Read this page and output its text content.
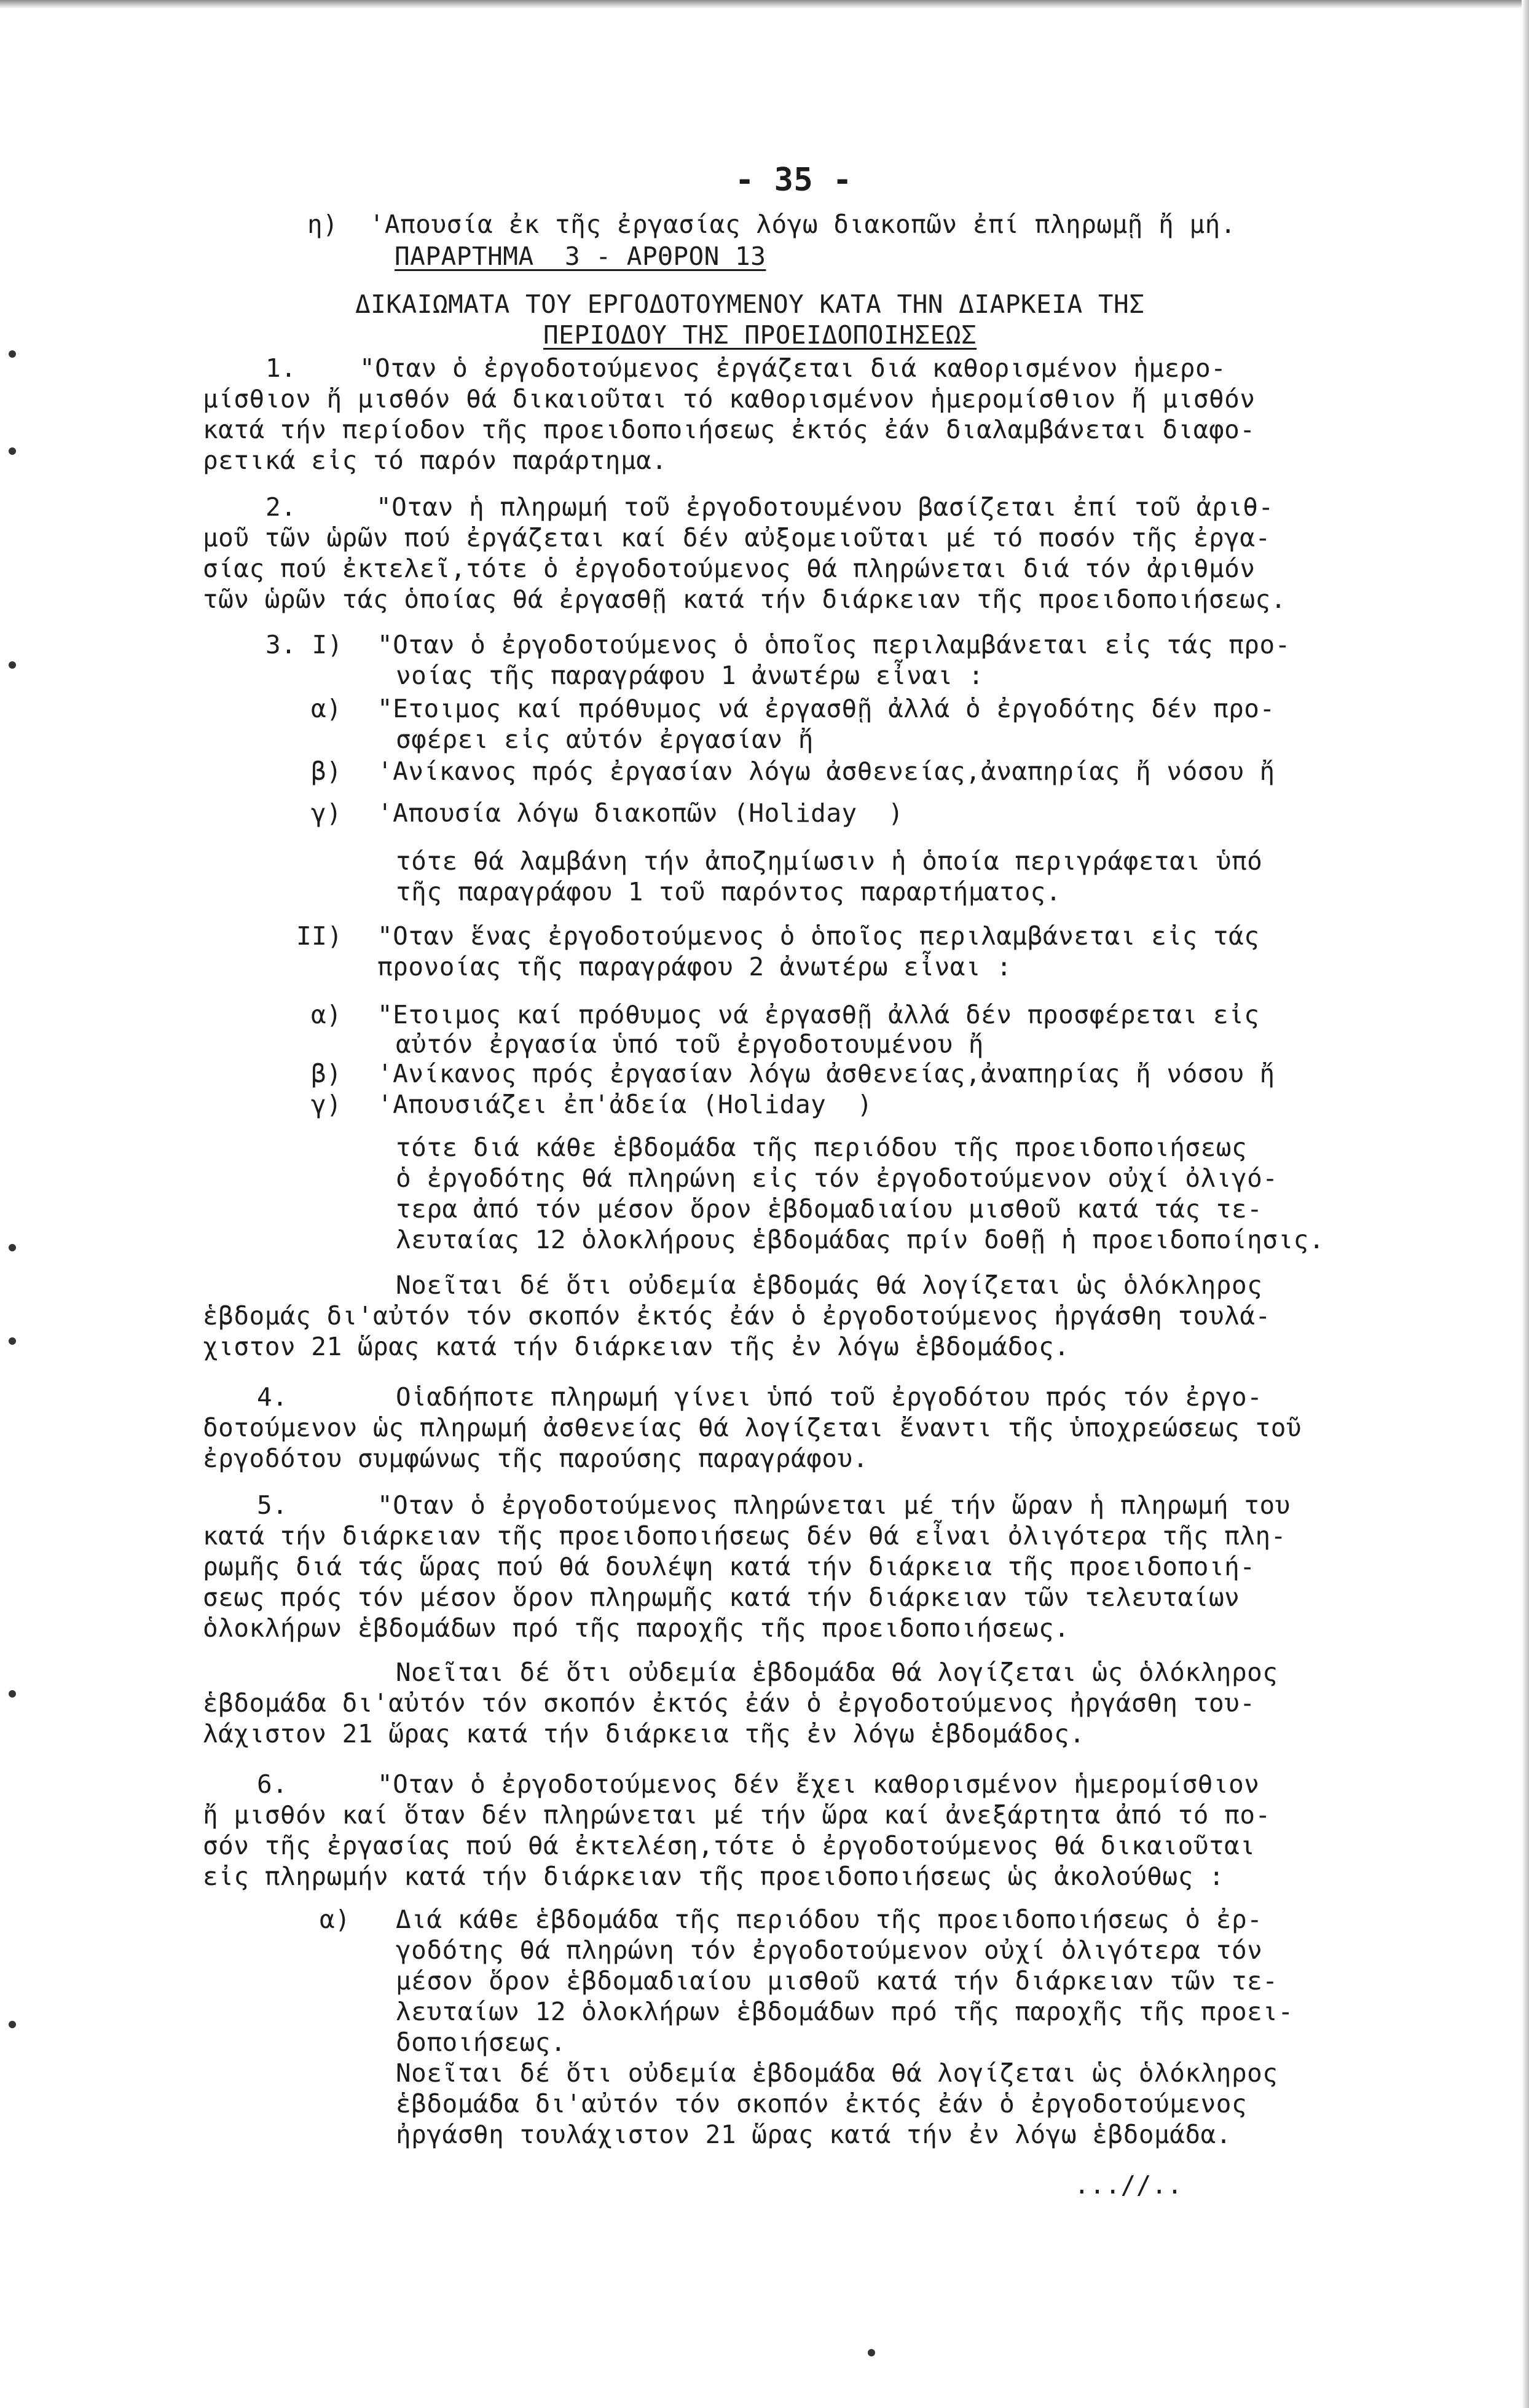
- 35 -
η)  'Απουσία ἐκ τῆς ἐργασίας λόγω διακοπῶν ἐπί πληρωμῇ ἤ μή.
ΠΑΡΑΡΤΗΜΑ  3 - ΑΡΘΡΟΝ 13
ΔΙΚΑΙΩΜΑΤΑ ΤΟΥ ΕΡΓΟΔΟΤΟΥΜΕΝΟΥ ΚΑΤΑ ΤΗΝ ΔΙΑΡΚΕΙΑ ΤΗΣ
ΠΕΡΙΟΔΟΥ ΤΗΣ ΠΡΟΕΙΔΟΠΟΙΗΣΕΩΣ
1.	"Οταν ὁ ἐργοδοτούμενος ἐργάζεται διά καθορισμένον ἡμερο-
μίσθιον ἤ μισθόν θά δικαιοῦται τό καθορισμένον ἡμερομίσθιον ἤ μισθόν
κατά τήν περίοδον τῆς προειδοποιήσεως ἐκτός ἐάν διαλαμβάνεται διαφο-
ρετικά εἰς τό παρόν παράρτημα.
2.	"Οταν ἡ πληρωμή τοῦ ἐργοδοτουμένου βασίζεται ἐπί τοῦ ἀριθ-
μοῦ τῶν ὡρῶν πού ἐργάζεται καί δέν αὐξομειοῦται μέ τό ποσόν τῆς ἐργα-
σίας πού ἐκτελεῖ,τότε ὁ ἐργοδοτούμενος θά πληρώνεται διά τόν ἀριθμόν
τῶν ὡρῶν τάς ὁποίας θά ἐργασθῇ κατά τήν διάρκειαν τῆς προειδοποιήσεως.
3. I) "Οταν ὁ ἐργοδοτούμενος ὁ ὁποῖος περιλαμβάνεται εἰς τάς προ-
νοίας τῆς παραγράφου 1 ἀνωτέρω εἶναι :
α) "Ετοιμος καί πρόθυμος νά ἐργασθῇ ἀλλά ὁ ἐργοδότης δέν προ-
σφέρει εἰς αὐτόν ἐργασίαν ἤ
β) 'Ανίκανος πρός ἐργασίαν λόγω ἀσθενείας,ἀναπηρίας ἤ νόσου ἤ
γ) 'Απουσία λόγω διακοπῶν (Holiday  )
τότε θά λαμβάνη τήν ἀποζημίωσιν ἡ ὁποία περιγράφεται ὑπό
τῆς παραγράφου 1 τοῦ παρόντος παραρτήματος.
II) "Οταν ἕνας ἐργοδοτούμενος ὁ ὁποῖος περιλαμβάνεται εἰς τάς
προνοίας τῆς παραγράφου 2 ἀνωτέρω εἶναι :
α) "Ετοιμος καί πρόθυμος νά ἐργασθῇ ἀλλά δέν προσφέρεται εἰς
αὐτόν ἐργασία ὑπό τοῦ ἐργοδοτουμένου ἤ
β) 'Ανίκανος πρός ἐργασίαν λόγω ἀσθενείας,ἀναπηρίας ἤ νόσου ἤ
γ) 'Απουσιάζει ἐπ'ἀδεία (Holiday  )
τότε διά κάθε ἑβδομάδα τῆς περιόδου τῆς προειδοποιήσεως
ὁ ἐργοδότης θά πληρώνη εἰς τόν ἐργοδοτούμενον οὐχί ὀλιγό-
τερα ἀπό τόν μέσον ὅρον ἑβδομαδιαίου μισθοῦ κατά τάς τε-
λευταίας 12 ὁλοκλήρους ἑβδομάδας πρίν δοθῇ ἡ προειδοποίησις.
Νοεῖται δέ ὅτι οὐδεμία ἑβδομάς θά λογίζεται ὡς ὁλόκληρος
ἑβδομάς δι'αὐτόν τόν σκοπόν ἐκτός ἐάν ὁ ἐργοδοτούμενος ἠργάσθη τουλά-
χιστον 21 ὥρας κατά τήν διάρκειαν τῆς ἐν λόγω ἑβδομάδος.
4.	Οἱαδήποτε πληρωμή γίνει ὑπό τοῦ ἐργοδότου πρός τόν ἐργο-
δοτούμενον ὡς πληρωμή ἀσθενείας θά λογίζεται ἔναντι τῆς ὑποχρεώσεως τοῦ
ἐργοδότου συμφώνως τῆς παρούσης παραγράφου.
5.	"Οταν ὁ ἐργοδοτούμενος πληρώνεται μέ τήν ὥραν ἡ πληρωμή του
κατά τήν διάρκειαν τῆς προειδοποιήσεως δέν θά εἶναι ὀλιγότερα τῆς πλη-
ρωμῆς διά τάς ὥρας πού θά δουλέψη κατά τήν διάρκεια τῆς προειδοποιή-
σεως πρός τόν μέσον ὅρον πληρωμῆς κατά τήν διάρκειαν τῶν τελευταίων
ὁλοκλήρων ἑβδομάδων πρό τῆς παροχῆς τῆς προειδοποιήσεως.
Νοεῖται δέ ὅτι οὐδεμία ἑβδομάδα θά λογίζεται ὡς ὁλόκληρος
ἑβδομάδα δι'αὐτόν τόν σκοπόν ἐκτός ἐάν ὁ ἐργοδοτούμενος ἠργάσθη του-
λάχιστον 21 ὥρας κατά τήν διάρκεια τῆς ἐν λόγω ἑβδομάδος.
6.	"Οταν ὁ ἐργοδοτούμενος δέν ἔχει καθορισμένον ἡμερομίσθιον
ἤ μισθόν καί ὅταν δέν πληρώνεται μέ τήν ὥρα καί ἀνεξάρτητα ἀπό τό πο-
σόν τῆς ἐργασίας πού θά ἐκτελέση,τότε ὁ ἐργοδοτούμενος θά δικαιοῦται
εἰς πληρωμήν κατά τήν διάρκειαν τῆς προειδοποιήσεως ὡς ἀκολούθως :
α) Διά κάθε ἑβδομάδα τῆς περιόδου τῆς προειδοποιήσεως ὁ ἐρ-
γοδότης θά πληρώνη τόν ἐργοδοτούμενον οὐχί ὀλιγότερα τόν
μέσον ὅρον ἑβδομαδιαίου μισθοῦ κατά τήν διάρκειαν τῶν τε-
λευταίων 12 ὁλοκλήρων ἑβδομάδων πρό τῆς παροχῆς τῆς προει-
δοποιήσεως.
Νοεῖται δέ ὅτι οὐδεμία ἑβδομάδα θά λογίζεται ὡς ὁλόκληρος
ἑβδομάδα δι'αὐτόν τόν σκοπόν ἐκτός ἐάν ὁ ἐργοδοτούμενος
ἠργάσθη τουλάχιστον 21 ὥρας κατά τήν ἐν λόγω ἑβδομάδα.
...//..
